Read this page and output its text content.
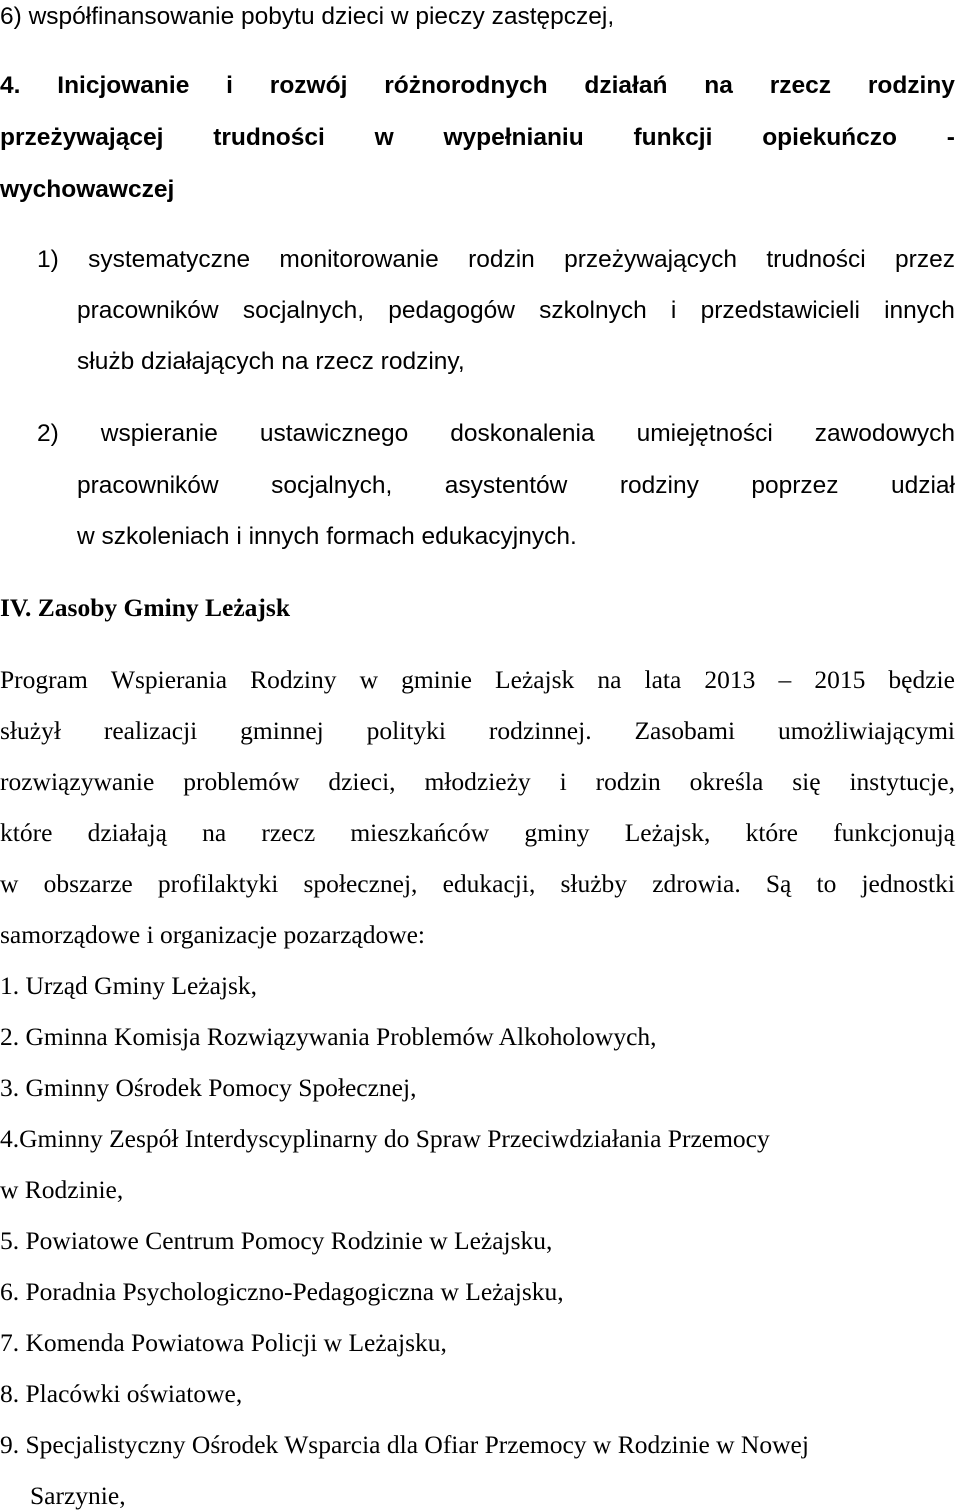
6) współfinansowanie pobytu dzieci w pieczy zastępczej,
4. Inicjowanie i rozwój różnorodnych działań na rzecz rodziny
przeżywającej trudności w wypełnianiu funkcji opiekuńczo -
wychowawczej
1) systematyczne monitorowanie rodzin przeżywających trudności przez
pracowników socjalnych, pedagogów szkolnych i przedstawicieli innych
służb działających na rzecz rodziny,
2) wspieranie ustawicznego doskonalenia umiejętności zawodowych
pracowników socjalnych, asystentów rodziny poprzez udział
w szkoleniach i innych formach edukacyjnych.
IV. Zasoby Gminy Leżajsk
Program Wspierania Rodziny w gminie Leżajsk na lata 2013 – 2015 będzie
służył realizacji gminnej polityki rodzinnej. Zasobami umożliwiającymi
rozwiązywanie problemów dzieci, młodzieży i rodzin określa się instytucje,
które działają na rzecz mieszkańców gminy Leżajsk, które funkcjonują
w obszarze profilaktyki społecznej, edukacji, służby zdrowia. Są to jednostki
samorządowe i organizacje pozarządowe:
1. Urząd Gminy Leżajsk,
2. Gminna Komisja Rozwiązywania Problemów Alkoholowych,
3. Gminny Ośrodek Pomocy Społecznej,
4.Gminny Zespół Interdyscyplinarny do Spraw Przeciwdziałania Przemocy
w Rodzinie,
5. Powiatowe Centrum Pomocy Rodzinie w Leżajsku,
6. Poradnia Psychologiczno-Pedagogiczna w Leżajsku,
7. Komenda Powiatowa Policji w Leżajsku,
8. Placówki oświatowe,
9. Specjalistyczny Ośrodek Wsparcia dla Ofiar Przemocy w Rodzinie w Nowej
Sarzynie,
